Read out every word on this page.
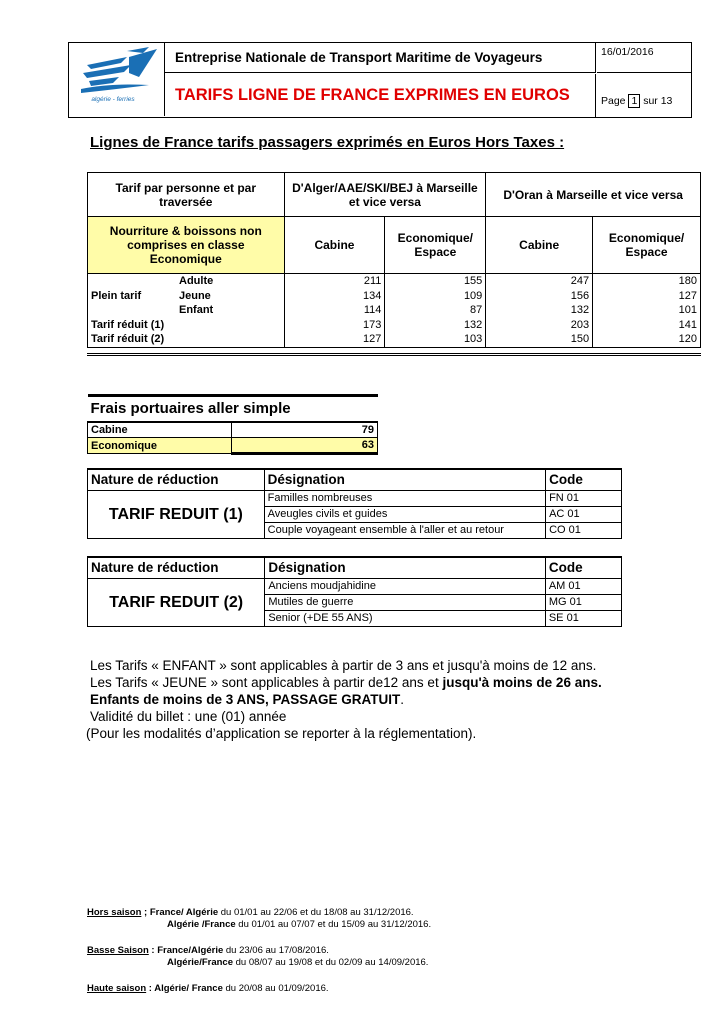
algérie - ferries
Entreprise Nationale de Transport Maritime de Voyageurs
TARIFS LIGNE DE FRANCE EXPRIMES EN EUROS
16/01/2016
Page 1 sur 13
Lignes de France tarifs passagers exprimés en Euros Hors Taxes :
Tarif par personne et par traversée	D'Alger/AAE/SKI/BEJ à Marseille et vice versa		D'Oran à Marseille et vice versa	
Nourriture & boissons non comprises en classe Economique	Cabine	Economique/ Espace	Cabine	Economique/ Espace
Adulte	211	155	247	180
Plein tarif Jeune	134	109	156	127
Enfant	114	87	132	101
Tarif réduit (1)	173	132	203	141
Tarif réduit (2)	127	103	150	120
Frais portuaires aller simple	
Cabine	79
Economique	63
Nature de réduction	Désignation	Code
TARIF REDUIT (1)	Familles nombreuses	FN 01
	Aveugles civils et guides	AC 01
	Couple voyageant ensemble à l'aller et au retour	CO 01
Nature de réduction	Désignation	Code
TARIF REDUIT (2)	Anciens moudjahidine	AM 01
	Mutiles de guerre	MG 01
	Senior (+DE 55 ANS)	SE 01
Les Tarifs « ENFANT » sont applicables à partir de 3 ans et jusqu'à moins de 12 ans.
Les Tarifs « JEUNE » sont applicables à partir de12 ans et jusqu'à moins de 26 ans.
Enfants de moins de 3 ANS, PASSAGE GRATUIT.
Validité du billet : une (01) année
(Pour les modalités d’application se reporter à la réglementation).
Hors saison ; France/ Algérie du 01/01 au 22/06 et du 18/08 au 31/12/2016.
Algérie /France du 01/01 au 07/07 et du 15/09 au 31/12/2016.
Basse Saison : France/Algérie du 23/06 au 17/08/2016.
Algérie/France du 08/07 au 19/08 et du 02/09 au 14/09/2016.
Haute saison : Algérie/ France du 20/08 au 01/09/2016.
